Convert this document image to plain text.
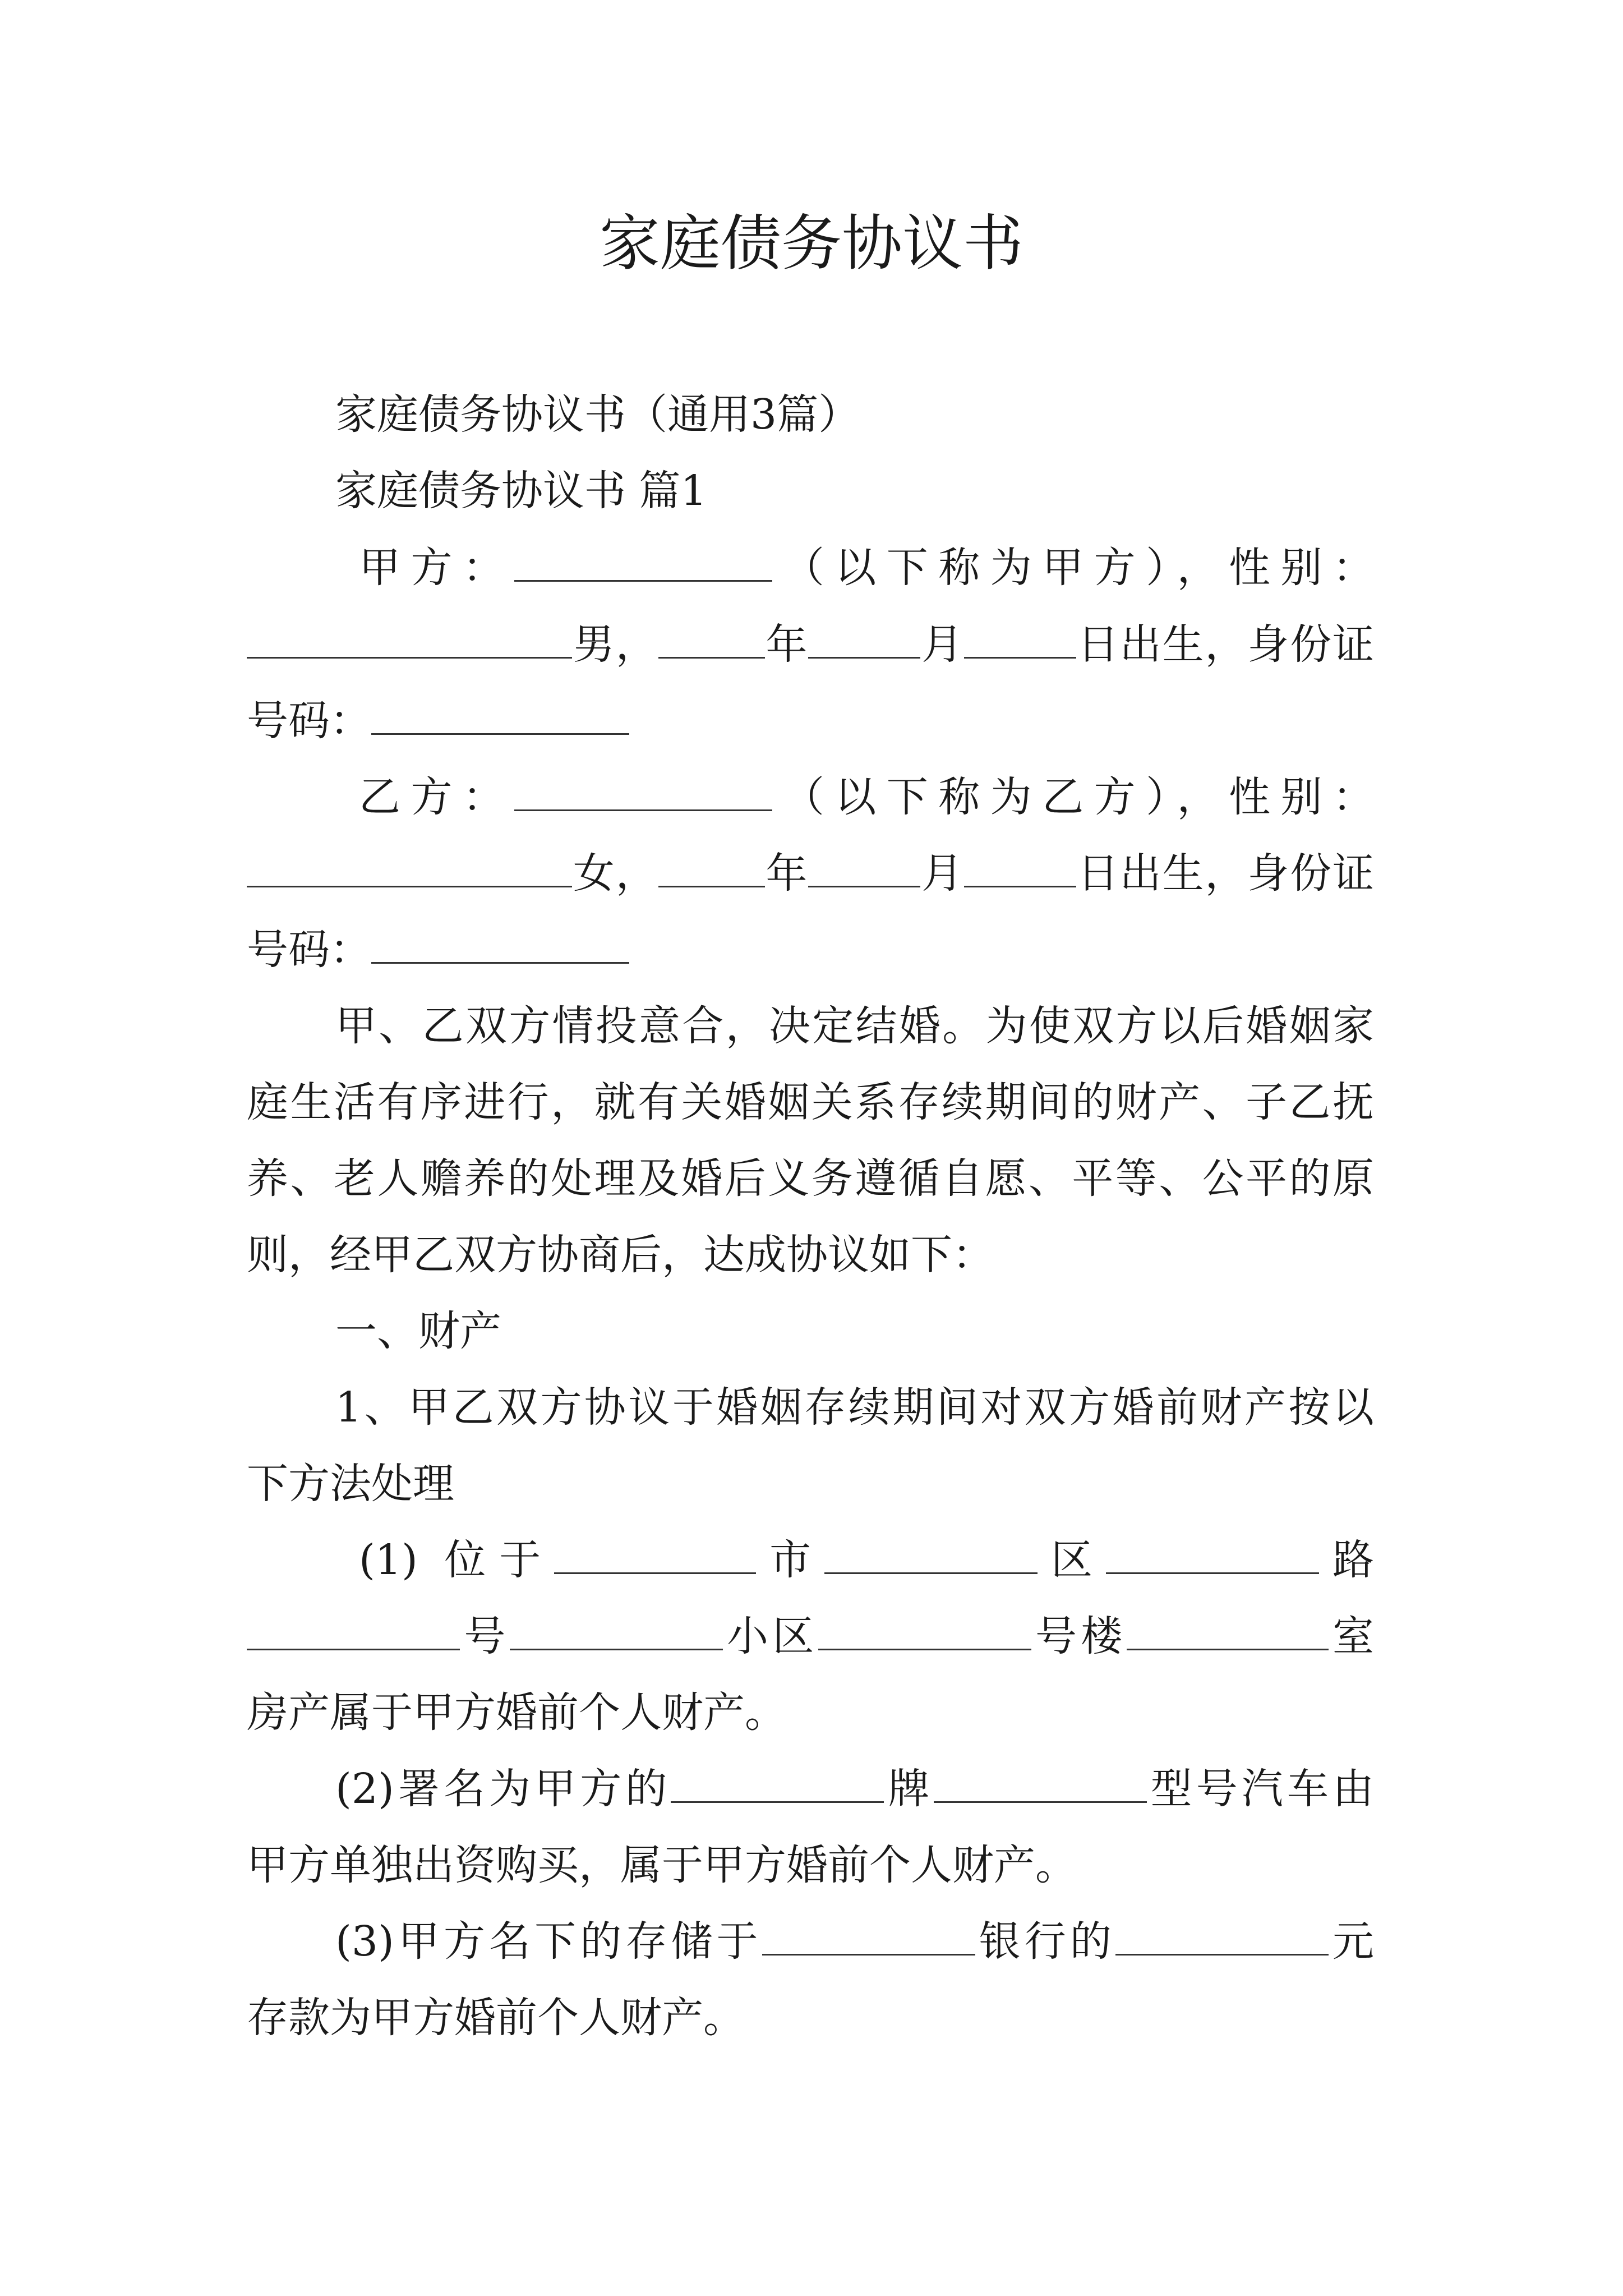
家庭债务协议书

家庭债务协议书（通用3篇）

家庭债务协议书 篇1

甲方：	（以下称为甲方），性别：
男，	年	月	日出生，身份证
号码：
乙方：	（以下称为乙方），性别：
女，	年	月	日出生，身份证
号码：

甲、乙双方情投意合，决定结婚。为使双方以后婚姻家

庭生活有序进行，就有关婚姻关系存续期间的财产、子乙抚

养、老人赡养的处理及婚后义务遵循自愿、平等、公平的原

则，经甲乙双方协商后，达成协议如下：

一、财产

1、甲乙双方协议于婚姻存续期间对双方婚前财产按以

下方法处理

(1) 位于	市	区	路
号	小区	号楼	室

房产属于甲方婚前个人财产。

(2)署名为甲方的	牌	型号汽车由

甲方单独出资购买，属于甲方婚前个人财产。

(3)甲方名下的存储于	银行的	元

存款为甲方婚前个人财产。
